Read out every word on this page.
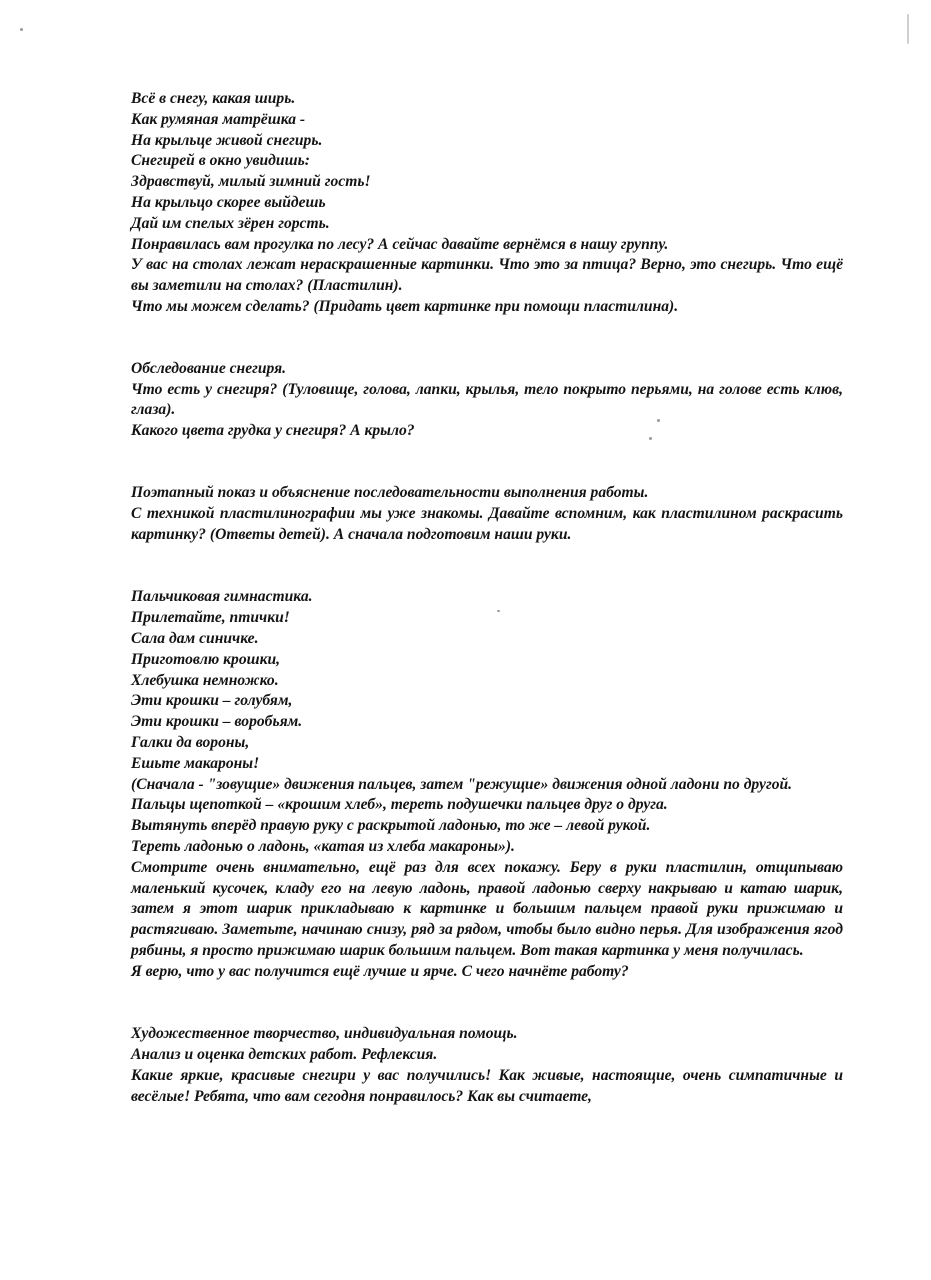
Всё в снегу, какая ширь.
Как румяная матрёшка -
На крыльце живой снегирь.
Снегирей в окно увидишь:
Здравствуй, милый зимний гость!
На крыльцо скорее выйдешь
Дай им спелых зёрен горсть.
Понравилась вам прогулка по лесу? А сейчас давайте вернёмся в нашу группу.
У вас на столах лежат нераскрашенные картинки. Что это за птица? Верно, это снегирь. Что ещё вы заметили на столах? (Пластилин).
Что мы можем сделать? (Придать цвет картинке при помощи пластилина).
Обследование снегиря.
Что есть у снегиря? (Туловище, голова, лапки, крылья, тело покрыто перьями, на голове есть клюв, глаза).
Какого цвета грудка у снегиря? А крыло?
Поэтапный показ и объяснение последовательности выполнения работы.
С техникой пластилинографии мы уже знакомы. Давайте вспомним, как пластилином раскрасить картинку? (Ответы детей). А сначала подготовим наши руки.
Пальчиковая гимнастика.
Прилетайте, птички!
Сала дам синичке.
Приготовлю крошки,
Хлебушка немножко.
Эти крошки – голубям,
Эти крошки – воробьям.
Галки да вороны,
Ешьте макароны!
(Сначала - "зовущие» движения пальцев, затем "режущие» движения одной ладони по другой.
Пальцы щепоткой – «крошим хлеб», тереть подушечки пальцев друг о друга.
Вытянуть вперёд правую руку с раскрытой ладонью, то же – левой рукой.
Тереть ладонью о ладонь, «катая из хлеба макароны»).
Смотрите очень внимательно, ещё раз для всех покажу. Беру в руки пластилин, отщипываю маленький кусочек, кладу его на левую ладонь, правой ладонью сверху накрываю и катаю шарик, затем я этот шарик прикладываю к картинке и большим пальцем правой руки прижимаю и растягиваю. Заметьте, начинаю снизу, ряд за рядом, чтобы было видно перья. Для изображения ягод рябины, я просто прижимаю шарик большим пальцем. Вот такая картинка у меня получилась.
Я верю, что у вас получится ещё лучше и ярче. С чего начнёте работу?
Художественное творчество, индивидуальная помощь.
Анализ и оценка детских работ. Рефлексия.
Какие яркие, красивые снегири у вас получились! Как живые, настоящие, очень симпатичные и весёлые! Ребята, что вам сегодня понравилось? Как вы считаете,
